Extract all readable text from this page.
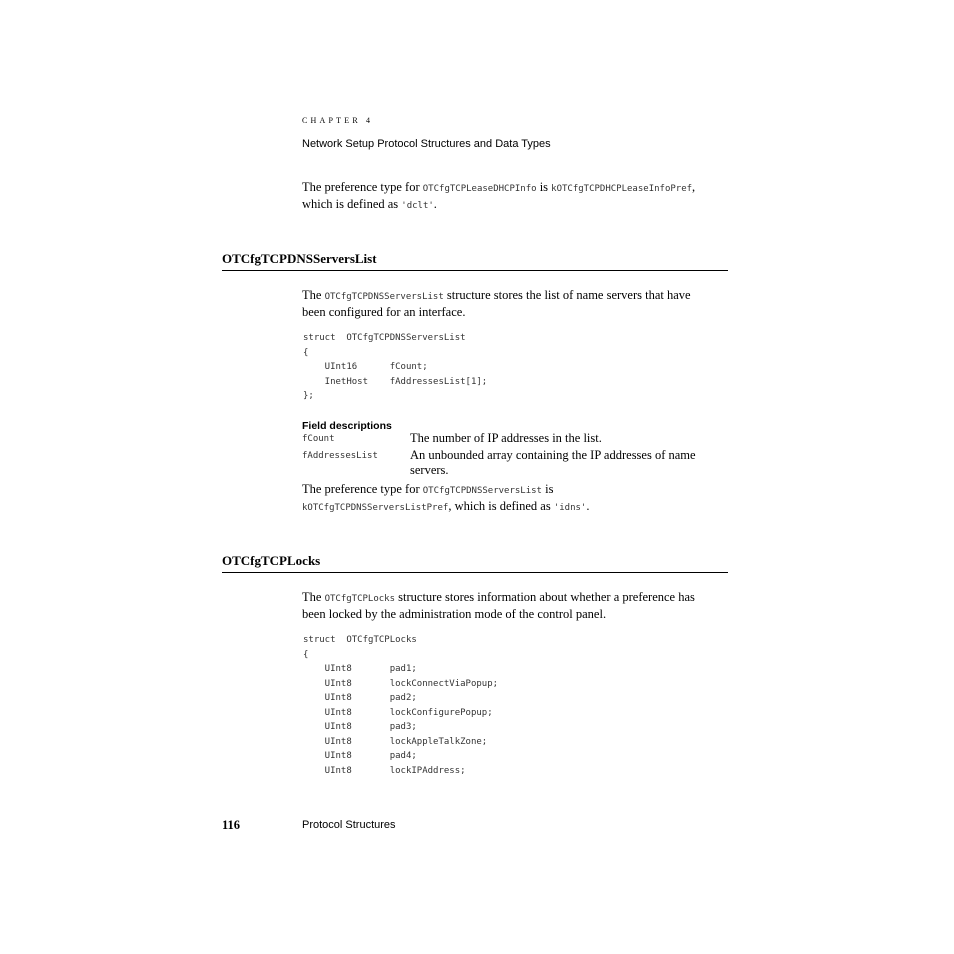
CHAPTER 4
Network Setup Protocol Structures and Data Types
The preference type for OTCfgTCPLeaseDHCPInfo is kOTCfgTCPDHCPLeaseInfoPref,
which is defined as 'dclt'.
OTCfgTCPDNSServersList
The OTCfgTCPDNSServersList structure stores the list of name servers that have
been configured for an interface.
struct  OTCfgTCPDNSServersList
{
UInt16      fCount;
InetHost    fAddressesList[1];
};
Field descriptions
fCount	The number of IP addresses in the list.
fAddressesList	An unbounded array containing the IP addresses of name servers.
The preference type for OTCfgTCPDNSServersList is
kOTCfgTCPDNSServersListPref, which is defined as 'idns'.
OTCfgTCPLocks
The OTCfgTCPLocks structure stores information about whether a preference has
been locked by the administration mode of the control panel.
struct  OTCfgTCPLocks
{
UInt8       pad1;
UInt8       lockConnectViaPopup;
UInt8       pad2;
UInt8       lockConfigurePopup;
UInt8       pad3;
UInt8       lockAppleTalkZone;
UInt8       pad4;
UInt8       lockIPAddress;
116	Protocol Structures
